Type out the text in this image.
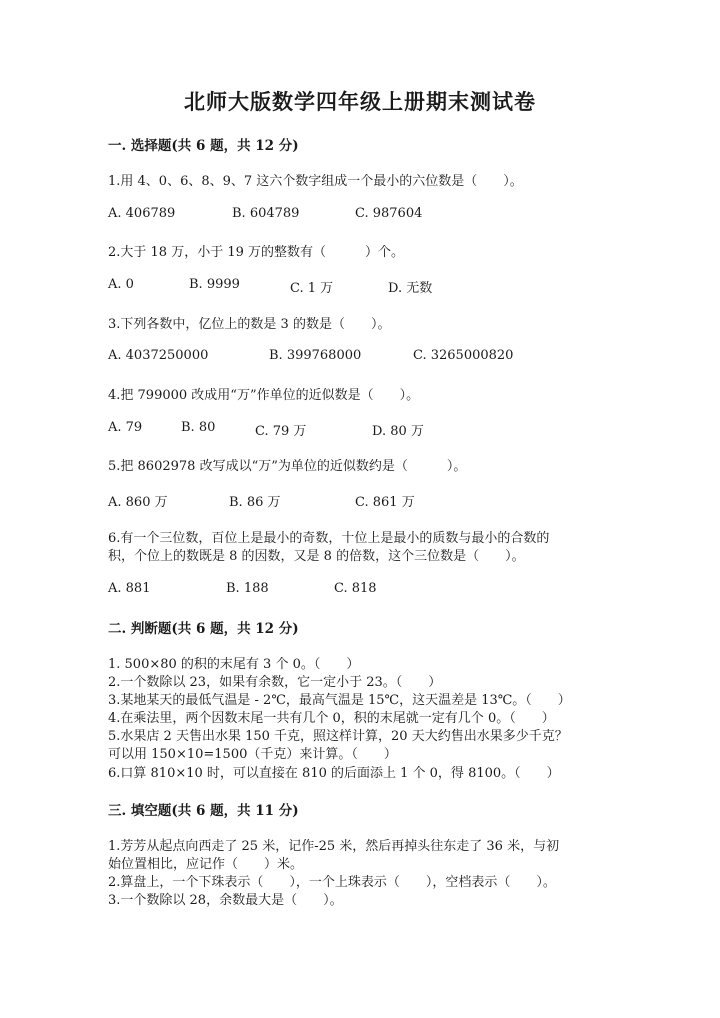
北师大版数学四年级上册期末测试卷
一. 选择题(共 6 题，共 12 分)
1.用 4、0、6、8、9、7 这六个数字组成一个最小的六位数是（　　）。
A. 406789	B. 604789	C. 987604
2.大于 18 万，小于 19 万的整数有（　　　）个。
A. 0	B. 9999	C. 1 万	D. 无数
3.下列各数中，亿位上的数是 3 的数是（　　）。
A. 4037250000	B. 399768000	C. 3265000820
4.把 799000 改成用“万”作单位的近似数是（　　）。
A. 79	B. 80	C. 79 万	D. 80 万
5.把 8602978 改写成以“万”为单位的近似数约是（　　　）。
A. 860 万	B. 86 万	C. 861 万
6.有一个三位数，百位上是最小的奇数，十位上是最小的质数与最小的合数的
积，个位上的数既是 8 的因数，又是 8 的倍数，这个三位数是（　　）。
A. 881	B. 188	C. 818
二. 判断题(共 6 题，共 12 分)
1. 500×80 的积的末尾有 3 个 0。（　　）
2.一个数除以 23，如果有余数，它一定小于 23。（　　）
3.某地某天的最低气温是 - 2℃，最高气温是 15℃，这天温差是 13℃。（　　）
4.在乘法里，两个因数末尾一共有几个 0，积的末尾就一定有几个 0。（　　）
5.水果店 2 天售出水果 150 千克，照这样计算，20 天大约售出水果多少千克？
可以用 150×10=1500（千克）来计算。（　　）
6.口算 810×10 时，可以直接在 810 的后面添上 1 个 0，得 8100。（　　）
三. 填空题(共 6 题，共 11 分)
1.芳芳从起点向西走了 25 米，记作-25 米，然后再掉头往东走了 36 米，与初
始位置相比，应记作（　　）米。
2.算盘上，一个下珠表示（　　），一个上珠表示（　　），空档表示（　　）。
3.一个数除以 28，余数最大是（　　）。
